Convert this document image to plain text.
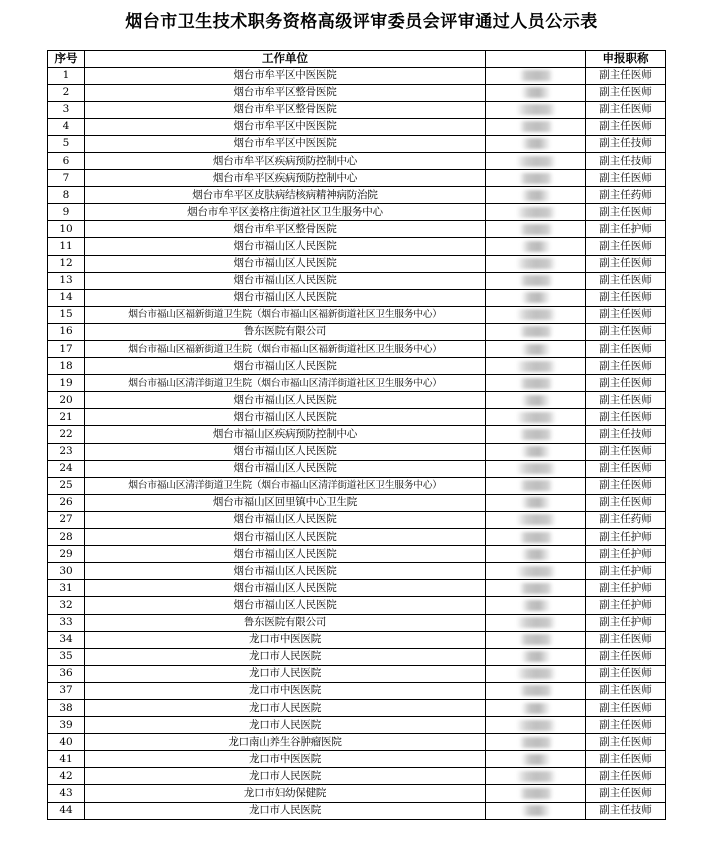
烟台市卫生技术职务资格高级评审委员会评审通过人员公示表
序号	工作单位		申报职称
1	烟台市牟平区中医医院		副主任医师
2	烟台市牟平区整骨医院		副主任医师
3	烟台市牟平区整骨医院		副主任医师
4	烟台市牟平区中医医院		副主任医师
5	烟台市牟平区中医医院		副主任技师
6	烟台市牟平区疾病预防控制中心		副主任技师
7	烟台市牟平区疾病预防控制中心		副主任医师
8	烟台市牟平区皮肤病结核病精神病防治院		副主任药师
9	烟台市牟平区姜格庄街道社区卫生服务中心		副主任医师
10	烟台市牟平区整骨医院		副主任护师
11	烟台市福山区人民医院		副主任医师
12	烟台市福山区人民医院		副主任医师
13	烟台市福山区人民医院		副主任医师
14	烟台市福山区人民医院		副主任医师
15	烟台市福山区福新街道卫生院（烟台市福山区福新街道社区卫生服务中心）		副主任医师
16	鲁东医院有限公司		副主任医师
17	烟台市福山区福新街道卫生院（烟台市福山区福新街道社区卫生服务中心）		副主任医师
18	烟台市福山区人民医院		副主任医师
19	烟台市福山区清洋街道卫生院（烟台市福山区清洋街道社区卫生服务中心）		副主任医师
20	烟台市福山区人民医院		副主任医师
21	烟台市福山区人民医院		副主任医师
22	烟台市福山区疾病预防控制中心		副主任技师
23	烟台市福山区人民医院		副主任医师
24	烟台市福山区人民医院		副主任医师
25	烟台市福山区清洋街道卫生院（烟台市福山区清洋街道社区卫生服务中心）		副主任医师
26	烟台市福山区回里镇中心卫生院		副主任医师
27	烟台市福山区人民医院		副主任药师
28	烟台市福山区人民医院		副主任护师
29	烟台市福山区人民医院		副主任护师
30	烟台市福山区人民医院		副主任护师
31	烟台市福山区人民医院		副主任护师
32	烟台市福山区人民医院		副主任护师
33	鲁东医院有限公司		副主任护师
34	龙口市中医医院		副主任医师
35	龙口市人民医院		副主任医师
36	龙口市人民医院		副主任医师
37	龙口市中医医院		副主任医师
38	龙口市人民医院		副主任医师
39	龙口市人民医院		副主任医师
40	龙口南山养生谷肿瘤医院		副主任医师
41	龙口市中医医院		副主任医师
42	龙口市人民医院		副主任医师
43	龙口市妇幼保健院		副主任医师
44	龙口市人民医院		副主任技师
